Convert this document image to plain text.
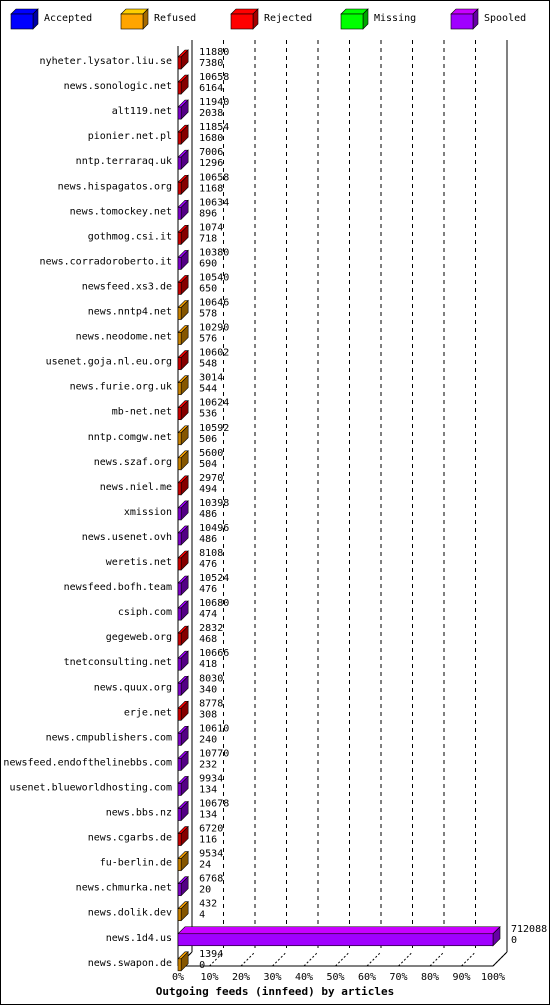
Accepted	Refused	Rejected	Missing	Spooled
0% 10% 20% 30% 40% 50% 60% 70% 80% 90% 100%
nyheter.lysator.liu.se
11880
7380
news.sonologic.net
10658
6164
alt119.net
11940
2038
pionier.net.pl
11854
1680
nntp.terraraq.uk
7006
1296
news.hispagatos.org
10658
1168
news.tomockey.net
10634
896
gothmog.csi.it
1074
718
news.corradoroberto.it
10380
690
newsfeed.xs3.de
10540
650
news.nntp4.net
10646
578
news.neodome.net
10290
576
usenet.goja.nl.eu.org
10602
548
news.furie.org.uk
3014
544
mb-net.net
10624
536
nntp.comgw.net
10592
506
news.szaf.org
5600
504
news.niel.me
2970
494
xmission
10398
486
news.usenet.ovh
10496
486
weretis.net
8108
476
newsfeed.bofh.team
10524
476
csiph.com
10680
474
gegeweb.org
2832
468
tnetconsulting.net
10666
418
news.quux.org
8030
340
erje.net
8778
308
news.cmpublishers.com
10610
240
newsfeed.endofthelinebbs.com
10770
232
usenet.blueworldhosting.com
9934
134
news.bbs.nz
10678
134
news.cgarbs.de
6720
116
fu-berlin.de
9534
24
news.chmurka.net
6768
20
news.dolik.dev
432
4
news.1d4.us
712088
0
news.swapon.de
1394
0
Outgoing feeds (innfeed) by articles
